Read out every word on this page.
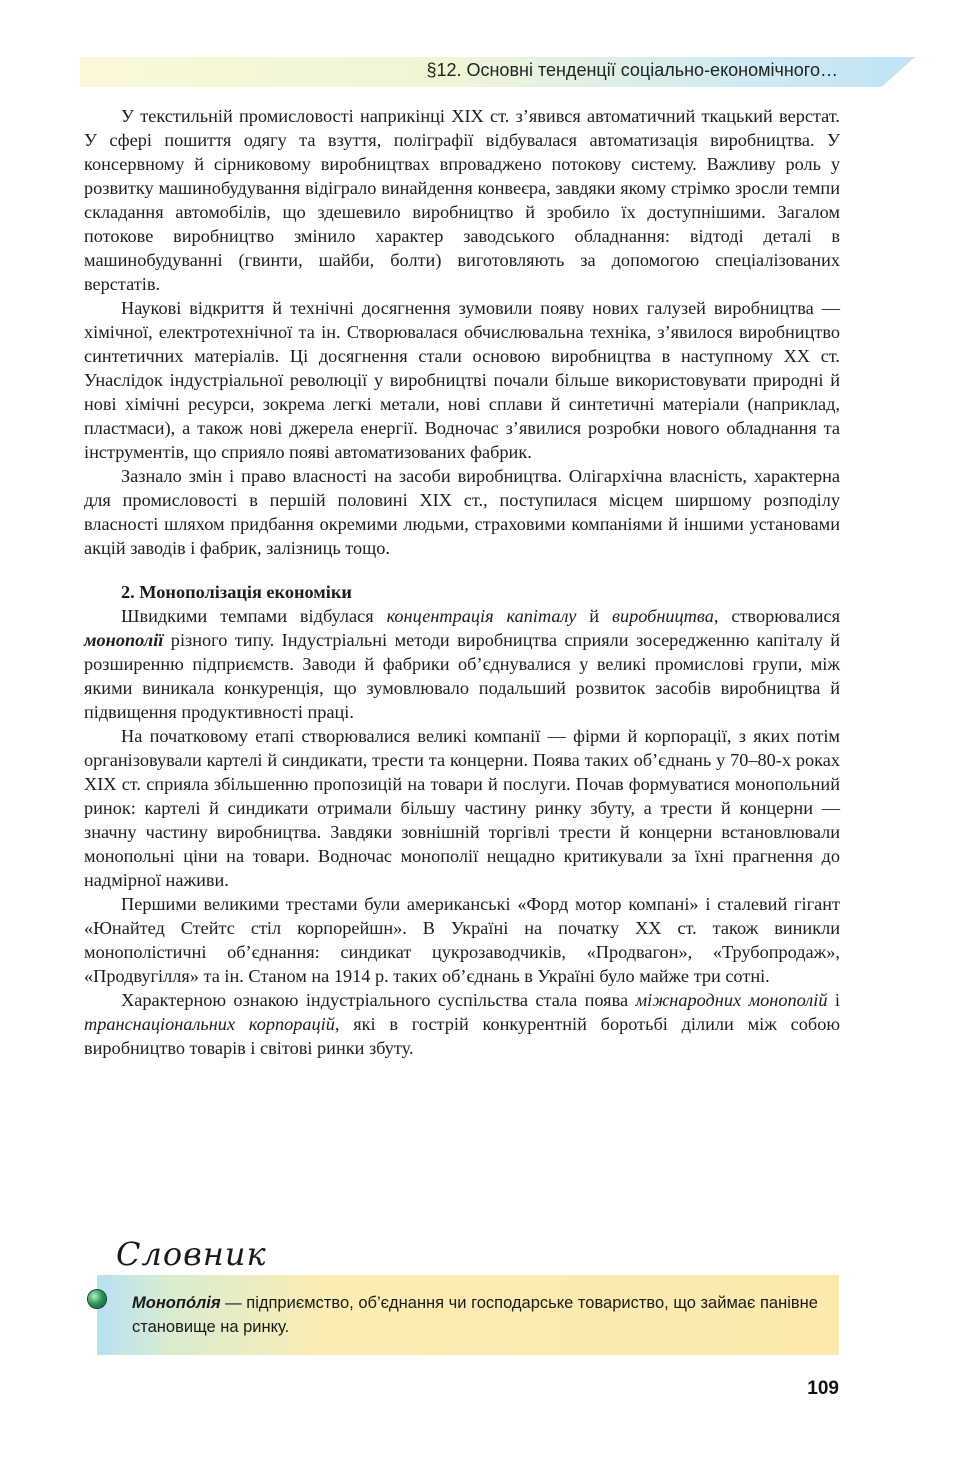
§12. Основні тенденції соціально-економічного…

У текстильній промисловості наприкінці XIX ст. з’явився автоматичний ткацький верстат. У сфері пошиття одягу та взуття, поліграфії відбувалася автоматизація виробництва. У консервному й сірниковому виробництвах впроваджено потокову систему. Важливу роль у розвитку машинобудування відіграло винайдення конвеєра, завдяки якому стрімко зросли темпи складання автомобілів, що здешевило виробництво й зробило їх доступнішими. Загалом потокове виробництво змінило характер заводського обладнання: відтоді деталі в машинобудуванні (гвинти, шайби, болти) виготовляють за допомогою спеціалізованих верстатів.

Наукові відкриття й технічні досягнення зумовили появу нових галузей виробництва — хімічної, електротехнічної та ін. Створювалася обчислювальна техніка, з’явилося виробництво синтетичних матеріалів. Ці досягнення стали основою виробництва в наступному XX ст. Унаслідок індустріальної революції у виробництві почали більше використовувати природні й нові хімічні ресурси, зокрема легкі метали, нові сплави й синтетичні матеріали (наприклад, пластмаси), а також нові джерела енергії. Водночас з’явилися розробки нового обладнання та інструментів, що сприяло появі автоматизованих фабрик.

Зазнало змін і право власності на засоби виробництва. Олігархічна власність, характерна для промисловості в першій половині XIX ст., поступилася місцем ширшому розподілу власності шляхом придбання окремими людьми, страховими компаніями й іншими установами акцій заводів і фабрик, залізниць тощо.

2. Монополізація економіки

Швидкими темпами відбулася концентрація капіталу й виробництва, створювалися монополії різного типу. Індустріальні методи виробництва сприяли зосередженню капіталу й розширенню підприємств. Заводи й фабрики об’єднувалися у великі промислові групи, між якими виникала конкуренція, що зумовлювало подальший розвиток засобів виробництва й підвищення продуктивності праці.

На початковому етапі створювалися великі компанії — фірми й корпорації, з яких потім організовували картелі й синдикати, трести та концерни. Поява таких об’єднань у 70–80-х роках XIX ст. сприяла збільшенню пропозицій на товари й послуги. Почав формуватися монопольний ринок: картелі й синдикати отримали більшу частину ринку збуту, а трести й концерни — значну частину виробництва. Завдяки зовнішній торгівлі трести й концерни встановлювали монопольні ціни на товари. Водночас монополії нещадно критикували за їхні прагнення до надмірної наживи.

Першими великими трестами були американські «Форд мотор компані» і сталевий гігант «Юнайтед Стейтс стіл корпорейшн». В Україні на початку XX ст. також виникли монополістичні об’єднання: синдикат цукрозаводчиків, «Продвагон», «Трубопродаж», «Продвугілля» та ін. Станом на 1914 р. таких об’єднань в Україні було майже три сотні.

Характерною ознакою індустріального суспільства стала поява міжнародних монополій і транснаціональних корпорацій, які в гострій конкурентній боротьбі ділили між собою виробництво товарів і світові ринки збуту.

Словник
Монопо́лія — підприємство, об’єднання чи господарське товариство, що займає панівне становище на ринку.
109
